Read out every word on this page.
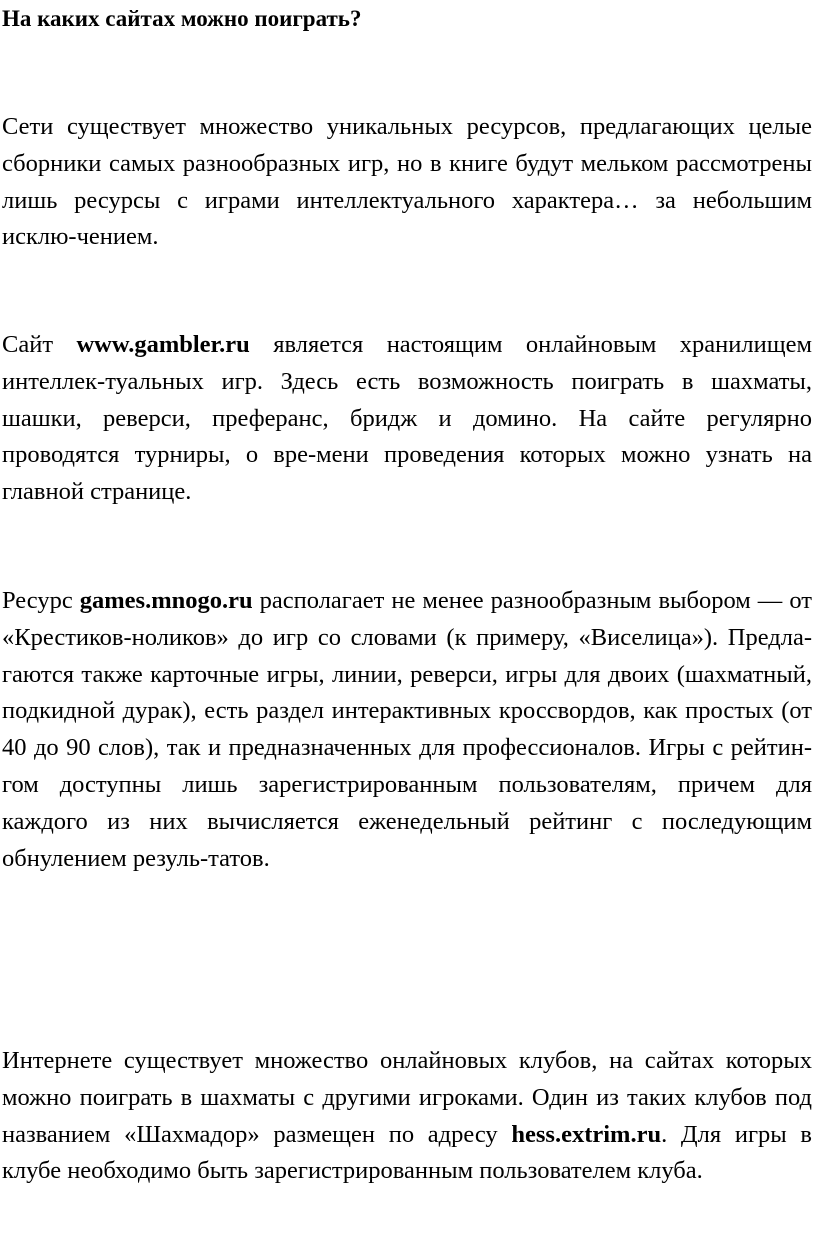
На каких сайтах можно поиграть?

Сети существует множество уникальных ресурсов, предлагающих целые сборники самых разнообразных игр, но в книге будут мельком рассмотрены лишь ресурсы с играми интеллектуального характера… за небольшим исклю-чением.

Сайт www.gambler.ru является настоящим онлайновым хранилищем интеллек-туальных игр. Здесь есть возможность поиграть в шахматы, шашки, реверси, преферанс, бридж и домино. На сайте регулярно проводятся турниры, о вре-мени проведения которых можно узнать на главной странице.

Ресурс games.mnogo.ru располагает не менее разнообразным выбором — от «Крестиков-ноликов» до игр со словами (к примеру, «Виселица»). Предла-гаются также карточные игры, линии, реверси, игры для двоих (шахматный, подкидной дурак), есть раздел интерактивных кроссвордов, как простых (от 40 до 90 слов), так и предназначенных для профессионалов. Игры с рейтин-гом доступны лишь зарегистрированным пользователям, причем для каждого из них вычисляется еженедельный рейтинг с последующим обнулением резуль-татов.

Интернете существует множество онлайновых клубов, на сайтах которых можно поиграть в шахматы с другими игроками. Один из таких клубов под названием «Шахмадор» размещен по адресу hess.extrim.ru. Для игры в клубе необходимо быть зарегистрированным пользователем клуба.
